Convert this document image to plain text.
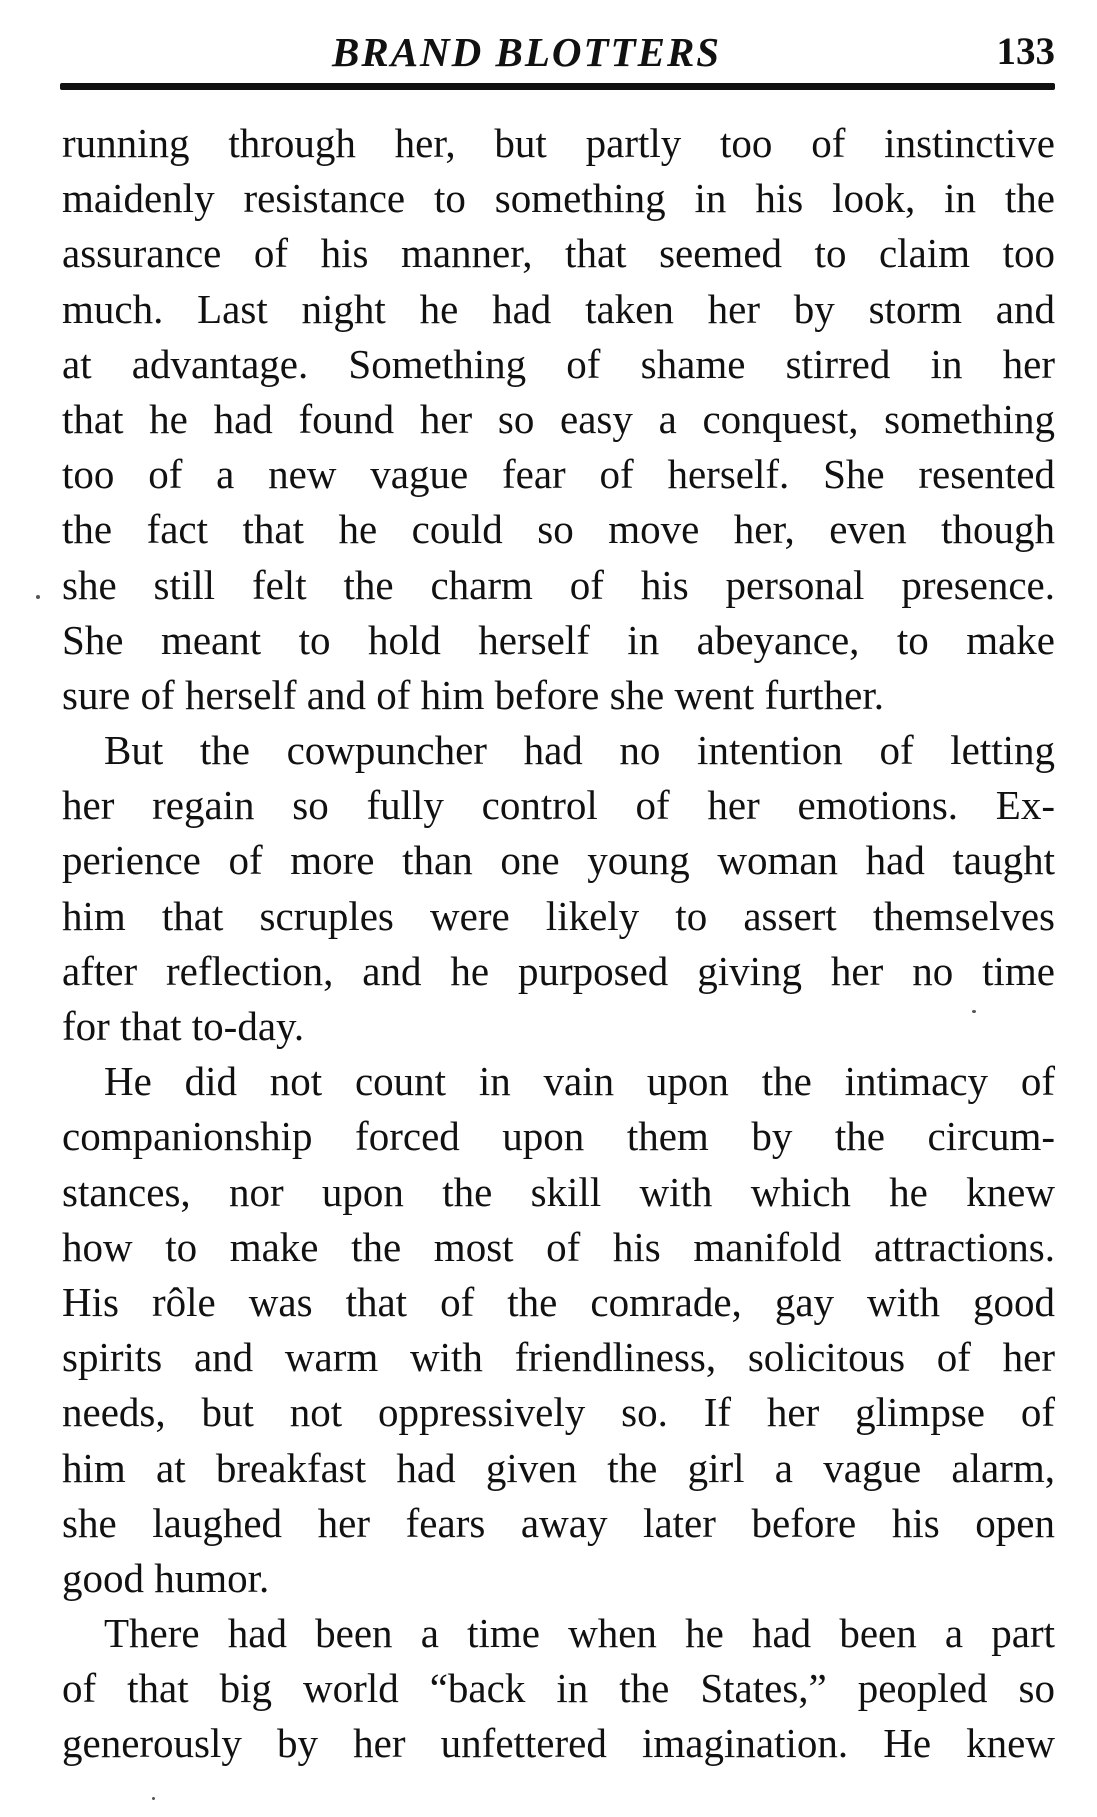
BRAND BLOTTERS	133
running through her, but partly too of instinctive
maidenly resistance to something in his look, in the
assurance of his manner, that seemed to claim too
much. Last night he had taken her by storm and
at advantage. Something of shame stirred in her
that he had found her so easy a conquest, something
too of a new vague fear of herself. She resented
the fact that he could so move her, even though
she still felt the charm of his personal presence.
She meant to hold herself in abeyance, to make
sure of herself and of him before she went further.
But the cowpuncher had no intention of letting
her regain so fully control of her emotions. Ex-
perience of more than one young woman had taught
him that scruples were likely to assert themselves
after reflection, and he purposed giving her no time
for that to-day.
He did not count in vain upon the intimacy of
companionship forced upon them by the circum-
stances, nor upon the skill with which he knew
how to make the most of his manifold attractions.
His rôle was that of the comrade, gay with good
spirits and warm with friendliness, solicitous of her
needs, but not oppressively so. If her glimpse of
him at breakfast had given the girl a vague alarm,
she laughed her fears away later before his open
good humor.
There had been a time when he had been a part
of that big world “back in the States,” peopled so
generously by her unfettered imagination. He knew
